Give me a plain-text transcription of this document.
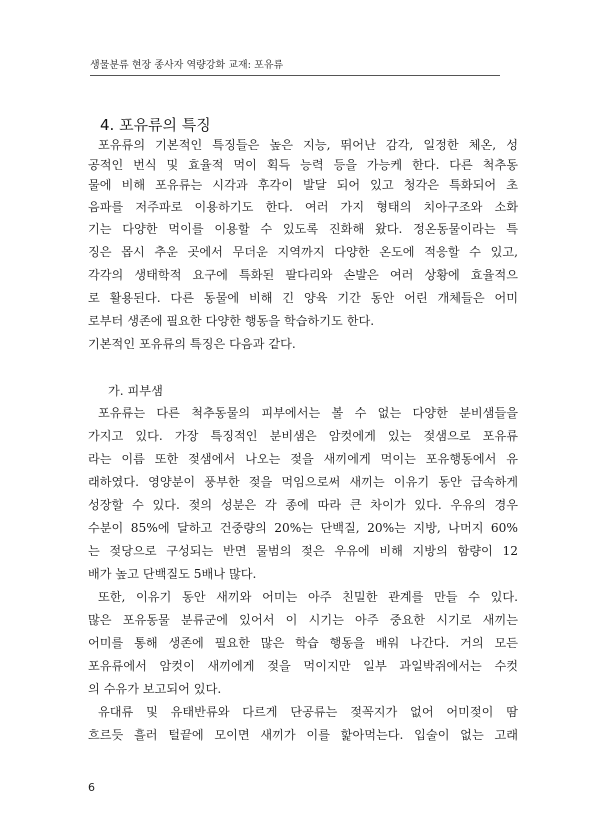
생물분류 현장 종사자 역량강화 교재: 포유류
4. 포유류의 특징
포유류의 기본적인 특징들은 높은 지능, 뛰어난 감각, 일정한 체온, 성
공적인 번식 및 효율적 먹이 획득 능력 등을 가능케 한다. 다른 척추동
물에 비해 포유류는 시각과 후각이 발달 되어 있고 청각은 특화되어 초
음파를 저주파로 이용하기도 한다. 여러 가지 형태의 치아구조와 소화
기는 다양한 먹이를 이용할 수 있도록 진화해 왔다. 정온동물이라는 특
징은 몹시 추운 곳에서 무더운 지역까지 다양한 온도에 적응할 수 있고,
각각의 생태학적 요구에 특화된 팔다리와 손발은 여러 상황에 효율적으
로 활용된다. 다른 동물에 비해 긴 양육 기간 동안 어린 개체들은 어미
로부터 생존에 필요한 다양한 행동을 학습하기도 한다.
기본적인 포유류의 특징은 다음과 같다.
가. 피부샘
포유류는 다른 척추동물의 피부에서는 볼 수 없는 다양한 분비샘들을
가지고 있다. 가장 특징적인 분비샘은 암컷에게 있는 젖샘으로 포유류
라는 이름 또한 젖샘에서 나오는 젖을 새끼에게 먹이는 포유행동에서 유
래하였다. 영양분이 풍부한 젖을 먹임으로써 새끼는 이유기 동안 급속하게
성장할 수 있다. 젖의 성분은 각 종에 따라 큰 차이가 있다. 우유의 경우
수분이 85%에 달하고 건중량의 20%는 단백질, 20%는 지방, 나머지 60%
는 젖당으로 구성되는 반면 물범의 젖은 우유에 비해 지방의 함량이 12
배가 높고 단백질도 5배나 많다.
또한, 이유기 동안 새끼와 어미는 아주 친밀한 관계를 만들 수 있다.
많은 포유동물 분류군에 있어서 이 시기는 아주 중요한 시기로 새끼는
어미를 통해 생존에 필요한 많은 학습 행동을 배워 나간다. 거의 모든
포유류에서 암컷이 새끼에게 젖을 먹이지만 일부 과일박쥐에서는 수컷
의 수유가 보고되어 있다.
유대류 및 유태반류와 다르게 단공류는 젖꼭지가 없어 어미젖이 땀
흐르듯 흘러 털끝에 모이면 새끼가 이를 핥아먹는다. 입술이 없는 고래
6
